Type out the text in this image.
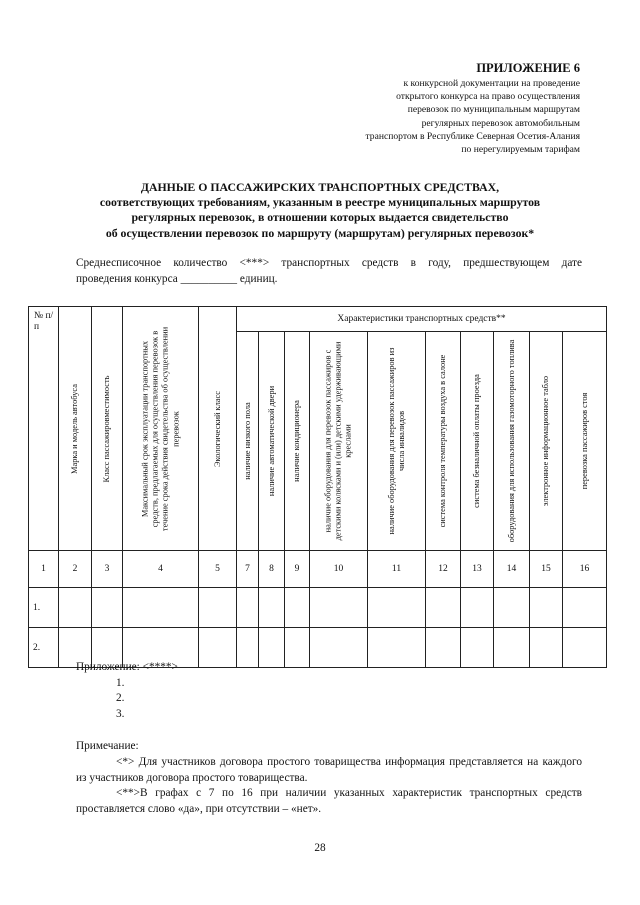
ПРИЛОЖЕНИЕ 6
к конкурсной документации на проведение
открытого конкурса на право осуществления
перевозок по муниципальным маршрутам
регулярных перевозок автомобильным
транспортом в Республике Северная Осетия-Алания
по нерегулируемым тарифам
ДАННЫЕ О ПАССАЖИРСКИХ ТРАНСПОРТНЫХ СРЕДСТВАХ,
соответствующих требованиям, указанным в реестре муниципальных маршрутов
регулярных перевозок, в отношении которых выдается свидетельство
об осуществлении перевозок по маршруту (маршрутам) регулярных перевозок*
Среднесписочное количество <***> транспортных средств в году, предшествующем дате
проведения конкурса __________ единиц.
№ п/п	Марка и модель автобуса	Класс пассажировместимость	Максимальный срок эксплуатации транспортных средств, предлагаемых для осуществления перевозок в течение срока действия свидетельства об осуществлении перевозок	Экологический класс	Характеристики транспортных средств**									

					наличие низкого пола	наличие автоматической двери	наличие кондиционера	наличие оборудования для перевозок пассажиров с детскими колясками и (или) детскими удерживающими креслами	наличие оборудования для перевозок пассажиров из числа инвалидов	система контроля температуры воздуха в салоне	система безналичной оплаты проезда	оборудования для использования газомоторного топлива	электронное информационное табло	перевозка пассажиров стоя

1	2	3	4	5	7	8	9	10	11	12	13	14	15	16
1.														
2.														
Приложение: <****>
1.
2.
3.
Примечание:
<*> Для участников договора простого товарищества информация представляется на каждого из участников договора простого товарищества.
<**>В графах с 7 по 16 при наличии указанных характеристик транспортных средств проставляется слово «да», при отсутствии – «нет».
28
